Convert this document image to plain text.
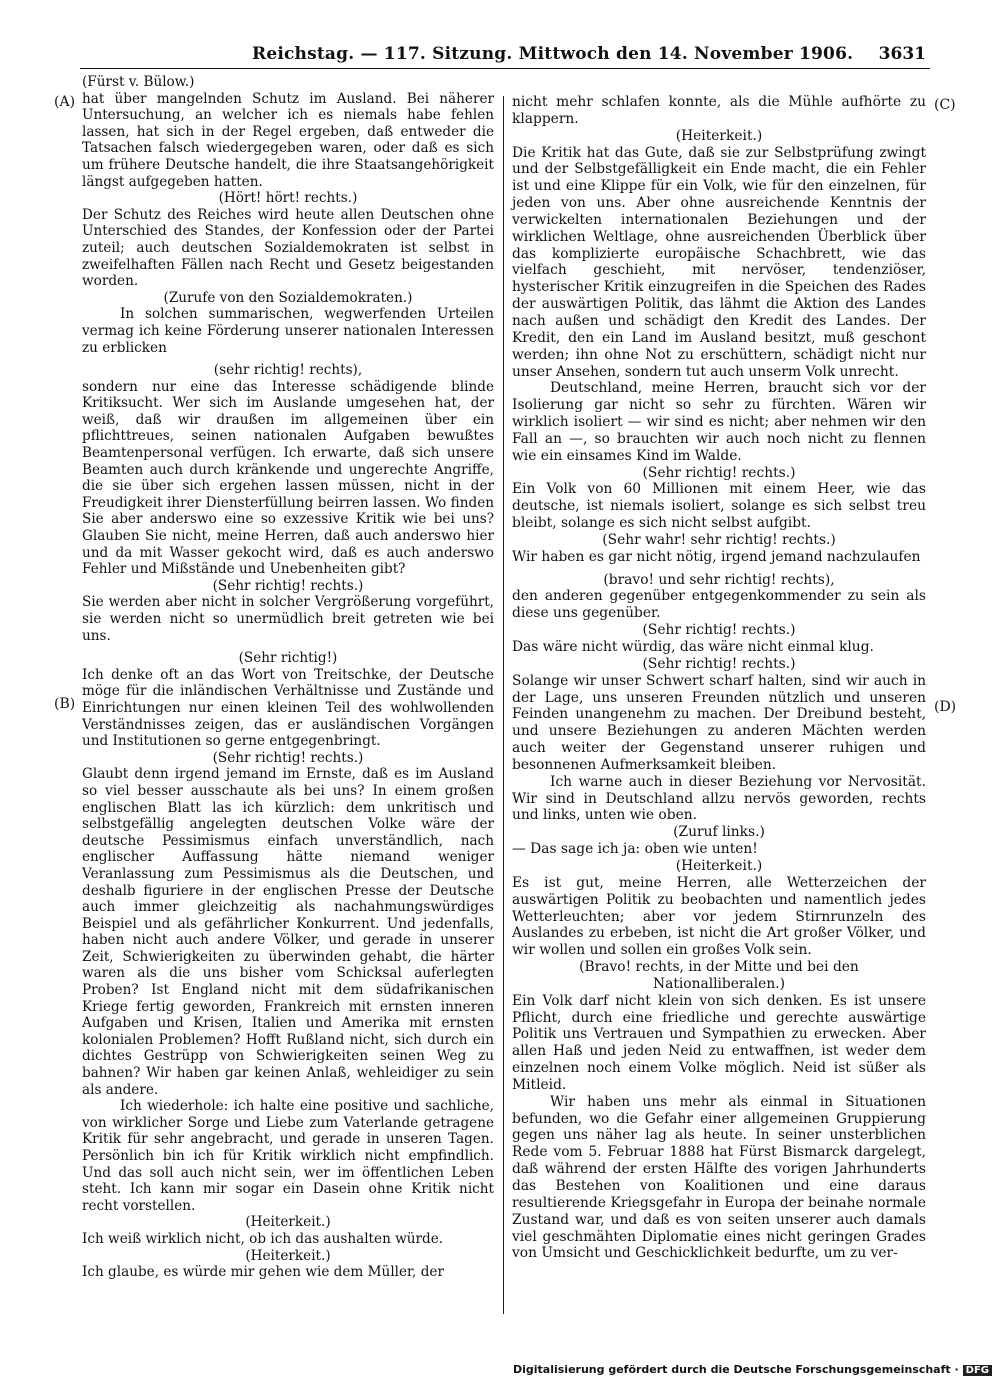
Reichstag. — 117. Sitzung. Mittwoch den 14. November 1906. 3631
(A)
(B)
(C)
(D)

(Fürst v. Bülow.)

hat über mangelnden Schutz im Ausland. Bei näherer Untersuchung, an welcher ich es niemals habe fehlen lassen, hat sich in der Regel ergeben, daß entweder die Tatsachen falsch wiedergegeben waren, oder daß es sich um frühere Deutsche handelt, die ihre Staatsangehörigkeit längst aufgegeben hatten.

(Hört! hört! rechts.)

Der Schutz des Reiches wird heute allen Deutschen ohne Unterschied des Standes, der Konfession oder der Partei zuteil; auch deutschen Sozialdemokraten ist selbst in zweifelhaften Fällen nach Recht und Gesetz beigestanden worden.

(Zurufe von den Sozialdemokraten.)

In solchen summarischen, wegwerfenden Urteilen vermag ich keine Förderung unserer nationalen Interessen zu erblicken

(sehr richtig! rechts),

sondern nur eine das Interesse schädigende blinde Kritiksucht. Wer sich im Auslande umgesehen hat, der weiß, daß wir draußen im allgemeinen über ein pflichttreues, seinen nationalen Aufgaben bewußtes Beamtenpersonal verfügen. Ich erwarte, daß sich unsere Beamten auch durch kränkende und ungerechte Angriffe, die sie über sich ergehen lassen müssen, nicht in der Freudigkeit ihrer Diensterfüllung beirren lassen. Wo finden Sie aber anderswo eine so exzessive Kritik wie bei uns? Glauben Sie nicht, meine Herren, daß auch anderswo hier und da mit Wasser gekocht wird, daß es auch anderswo Fehler und Mißstände und Unebenheiten gibt?

(Sehr richtig! rechts.)

Sie werden aber nicht in solcher Vergrößerung vorgeführt, sie werden nicht so unermüdlich breit getreten wie bei uns.

(Sehr richtig!)

Ich denke oft an das Wort von Treitschke, der Deutsche möge für die inländischen Verhältnisse und Zustände und Einrichtungen nur einen kleinen Teil des wohlwollenden Verständnisses zeigen, das er ausländischen Vorgängen und Institutionen so gerne entgegenbringt.

(Sehr richtig! rechts.)

Glaubt denn irgend jemand im Ernste, daß es im Ausland so viel besser ausschaute als bei uns? In einem großen englischen Blatt las ich kürzlich: dem unkritisch und selbstgefällig angelegten deutschen Volke wäre der deutsche Pessimismus einfach unverständlich, nach englischer Auffassung hätte niemand weniger Veranlassung zum Pessimismus als die Deutschen, und deshalb figuriere in der englischen Presse der Deutsche auch immer gleichzeitig als nachahmungswürdiges Beispiel und als gefährlicher Konkurrent. Und jedenfalls, haben nicht auch andere Völker, und gerade in unserer Zeit, Schwierigkeiten zu überwinden gehabt, die härter waren als die uns bisher vom Schicksal auferlegten Proben? Ist England nicht mit dem südafrikanischen Kriege fertig geworden, Frankreich mit ernsten inneren Aufgaben und Krisen, Italien und Amerika mit ernsten kolonialen Problemen? Hofft Rußland nicht, sich durch ein dichtes Gestrüpp von Schwierigkeiten seinen Weg zu bahnen? Wir haben gar keinen Anlaß, wehleidiger zu sein als andere.

Ich wiederhole: ich halte eine positive und sachliche, von wirklicher Sorge und Liebe zum Vaterlande getragene Kritik für sehr angebracht, und gerade in unseren Tagen. Persönlich bin ich für Kritik wirklich nicht empfindlich. Und das soll auch nicht sein, wer im öffentlichen Leben steht. Ich kann mir sogar ein Dasein ohne Kritik nicht recht vorstellen.

(Heiterkeit.)

Ich weiß wirklich nicht, ob ich das aushalten würde.

(Heiterkeit.)

Ich glaube, es würde mir gehen wie dem Müller, der

nicht mehr schlafen konnte, als die Mühle aufhörte zu klappern.

(Heiterkeit.)

Die Kritik hat das Gute, daß sie zur Selbstprüfung zwingt und der Selbstgefälligkeit ein Ende macht, die ein Fehler ist und eine Klippe für ein Volk, wie für den einzelnen, für jeden von uns. Aber ohne ausreichende Kenntnis der verwickelten internationalen Beziehungen und der wirklichen Weltlage, ohne ausreichenden Überblick über das komplizierte europäische Schachbrett, wie das vielfach geschieht, mit nervöser, tendenziöser, hysterischer Kritik einzugreifen in die Speichen des Rades der auswärtigen Politik, das lähmt die Aktion des Landes nach außen und schädigt den Kredit des Landes. Der Kredit, den ein Land im Ausland besitzt, muß geschont werden; ihn ohne Not zu erschüttern, schädigt nicht nur unser Ansehen, sondern tut auch unserm Volk unrecht.

Deutschland, meine Herren, braucht sich vor der Isolierung gar nicht so sehr zu fürchten. Wären wir wirklich isoliert — wir sind es nicht; aber nehmen wir den Fall an —, so brauchten wir auch noch nicht zu flennen wie ein einsames Kind im Walde.

(Sehr richtig! rechts.)

Ein Volk von 60 Millionen mit einem Heer, wie das deutsche, ist niemals isoliert, solange es sich selbst treu bleibt, solange es sich nicht selbst aufgibt.

(Sehr wahr! sehr richtig! rechts.)

Wir haben es gar nicht nötig, irgend jemand nachzulaufen

(bravo! und sehr richtig! rechts),

den anderen gegenüber entgegenkommender zu sein als diese uns gegenüber.

(Sehr richtig! rechts.)

Das wäre nicht würdig, das wäre nicht einmal klug.

(Sehr richtig! rechts.)

Solange wir unser Schwert scharf halten, sind wir auch in der Lage, uns unseren Freunden nützlich und unseren Feinden unangenehm zu machen. Der Dreibund besteht, und unsere Beziehungen zu anderen Mächten werden auch weiter der Gegenstand unserer ruhigen und besonnenen Aufmerksamkeit bleiben.

Ich warne auch in dieser Beziehung vor Nervosität. Wir sind in Deutschland allzu nervös geworden, rechts und links, unten wie oben.

(Zuruf links.)

— Das sage ich ja: oben wie unten!

(Heiterkeit.)

Es ist gut, meine Herren, alle Wetterzeichen der auswärtigen Politik zu beobachten und namentlich jedes Wetterleuchten; aber vor jedem Stirnrunzeln des Auslandes zu erbeben, ist nicht die Art großer Völker, und wir wollen und sollen ein großes Volk sein.

(Bravo! rechts, in der Mitte und bei den Nationalliberalen.)

Ein Volk darf nicht klein von sich denken. Es ist unsere Pflicht, durch eine friedliche und gerechte auswärtige Politik uns Vertrauen und Sympathien zu erwecken. Aber allen Haß und jeden Neid zu entwaffnen, ist weder dem einzelnen noch einem Volke möglich. Neid ist süßer als Mitleid.

Wir haben uns mehr als einmal in Situationen befunden, wo die Gefahr einer allgemeinen Gruppierung gegen uns näher lag als heute. In seiner unsterblichen Rede vom 5. Februar 1888 hat Fürst Bismarck dargelegt, daß während der ersten Hälfte des vorigen Jahrhunderts das Bestehen von Koalitionen und eine daraus resultierende Kriegsgefahr in Europa der beinahe normale Zustand war, und daß es von seiten unserer auch damals viel geschmähten Diplomatie eines nicht geringen Grades von Umsicht und Geschicklichkeit bedurfte, um zu ver-

Digitalisierung gefördert durch die Deutsche Forschungsgemeinschaft · DFG
